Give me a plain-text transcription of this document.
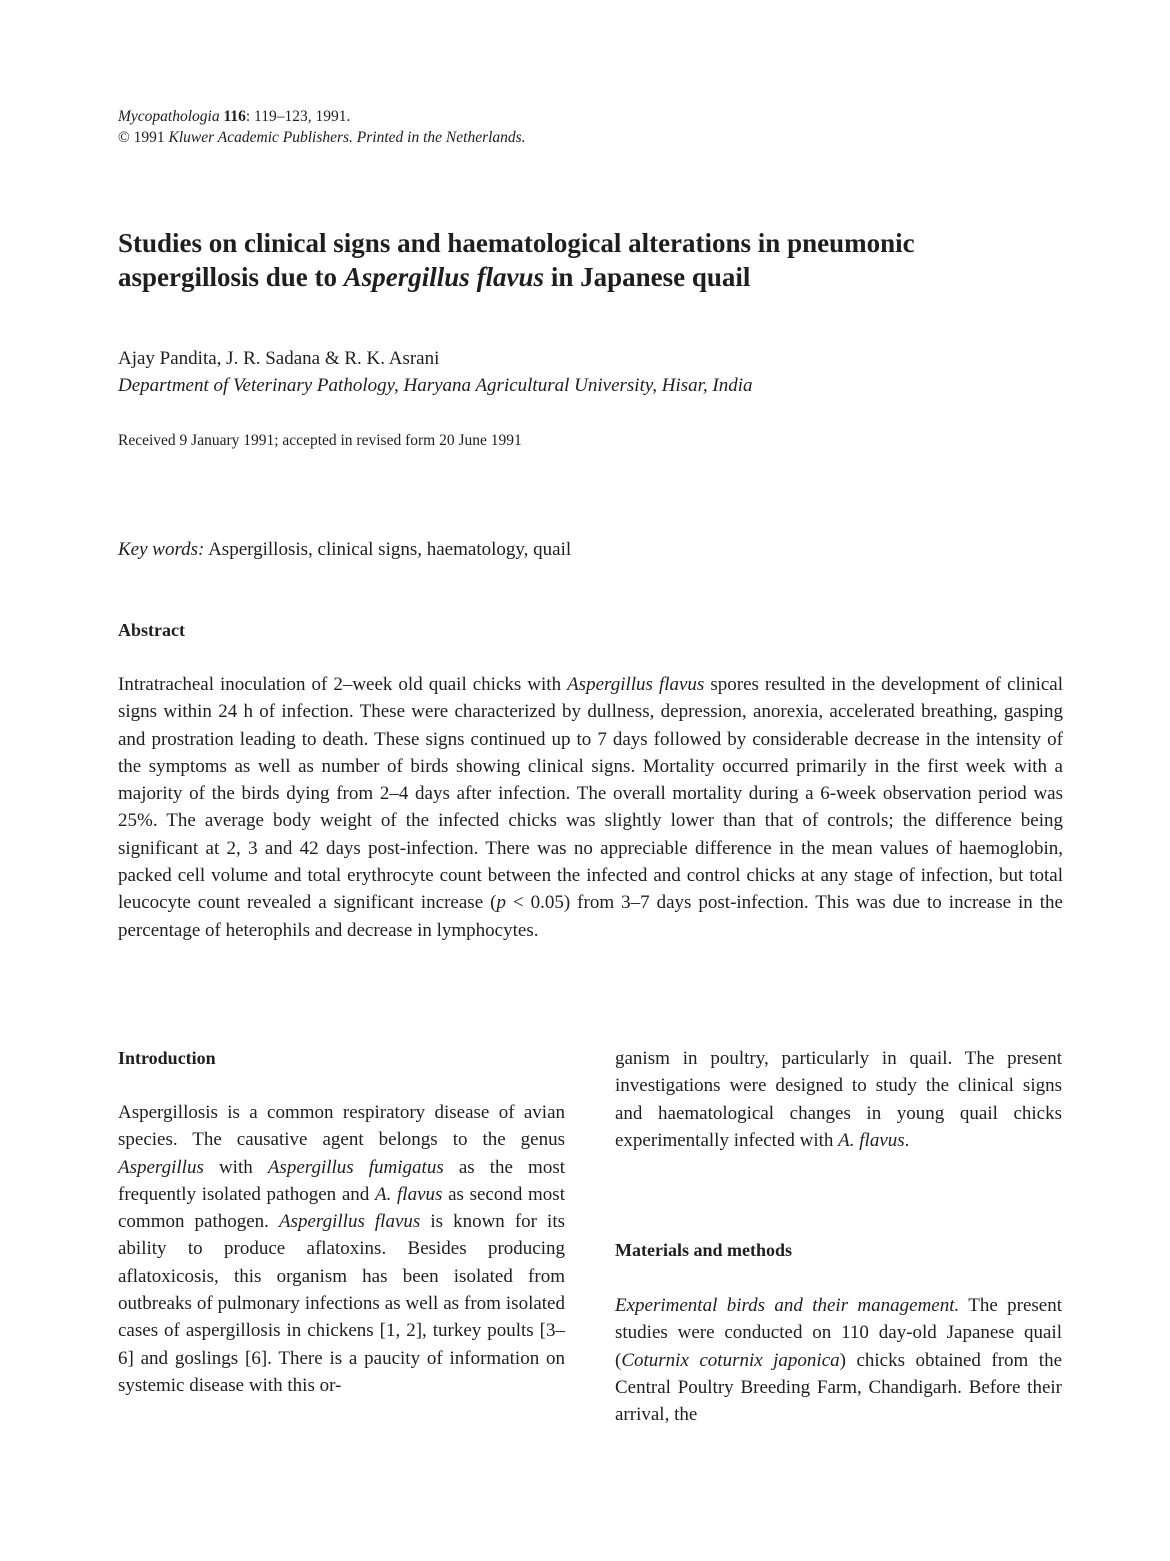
Mycopathologia 116: 119–123, 1991.
© 1991 Kluwer Academic Publishers. Printed in the Netherlands.
Studies on clinical signs and haematological alterations in pneumonic aspergillosis due to Aspergillus flavus in Japanese quail
Ajay Pandita, J. R. Sadana & R. K. Asrani
Department of Veterinary Pathology, Haryana Agricultural University, Hisar, India
Received 9 January 1991; accepted in revised form 20 June 1991
Key words: Aspergillosis, clinical signs, haematology, quail
Abstract

Intratracheal inoculation of 2–week old quail chicks with Aspergillus flavus spores resulted in the development of clinical signs within 24 h of infection. These were characterized by dullness, depression, anorexia, accelerated breathing, gasping and prostration leading to death. These signs continued up to 7 days followed by considerable decrease in the intensity of the symptoms as well as number of birds showing clinical signs. Mortality occurred primarily in the first week with a majority of the birds dying from 2–4 days after infection. The overall mortality during a 6-week observation period was 25%. The average body weight of the infected chicks was slightly lower than that of controls; the difference being significant at 2, 3 and 42 days post-infection. There was no appreciable difference in the mean values of haemoglobin, packed cell volume and total erythrocyte count between the infected and control chicks at any stage of infection, but total leucocyte count revealed a significant increase (p < 0.05) from 3–7 days post-infection. This was due to increase in the percentage of heterophils and decrease in lymphocytes.

Introduction

Aspergillosis is a common respiratory disease of avian species. The causative agent belongs to the genus Aspergillus with Aspergillus fumigatus as the most frequently isolated pathogen and A. flavus as second most common pathogen. Aspergillus flavus is known for its ability to produce aflatoxins. Besides producing aflatoxicosis, this organism has been isolated from outbreaks of pulmonary infections as well as from isolated cases of aspergillosis in chickens [1, 2], turkey poults [3–6] and goslings [6]. There is a paucity of information on systemic disease with this or-

ganism in poultry, particularly in quail. The present investigations were designed to study the clinical signs and haematological changes in young quail chicks experimentally infected with A. flavus.

Materials and methods

Experimental birds and their management. The present studies were conducted on 110 day-old Japanese quail (Coturnix coturnix japonica) chicks obtained from the Central Poultry Breeding Farm, Chandigarh. Before their arrival, the
